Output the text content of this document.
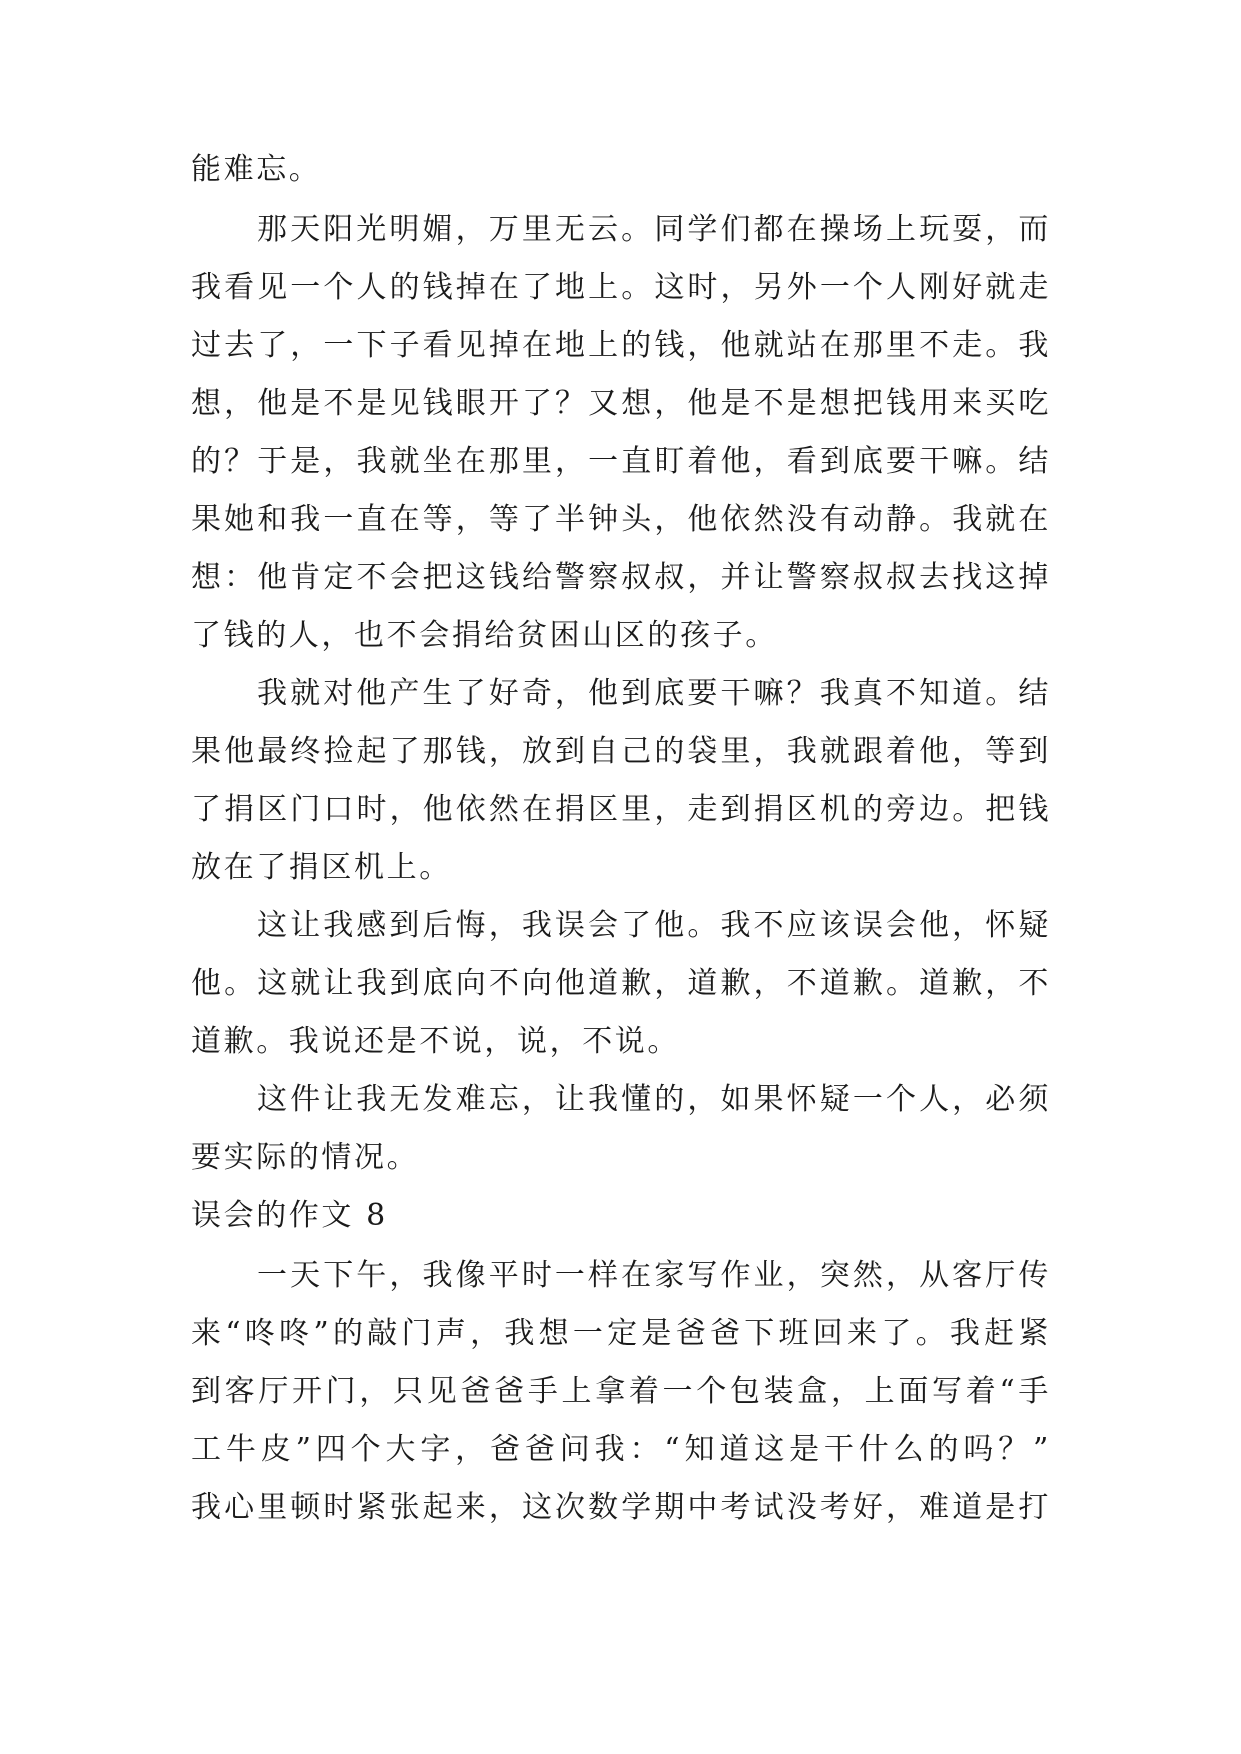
能难忘。
那天阳光明媚，万里无云。同学们都在操场上玩耍，而
我看见一个人的钱掉在了地上。这时，另外一个人刚好就走
过去了，一下子看见掉在地上的钱，他就站在那里不走。我
想，他是不是见钱眼开了？又想，他是不是想把钱用来买吃
的？于是，我就坐在那里，一直盯着他，看到底要干嘛。结
果她和我一直在等，等了半钟头，他依然没有动静。我就在
想：他肯定不会把这钱给警察叔叔，并让警察叔叔去找这掉
了钱的人，也不会捐给贫困山区的孩子。
我就对他产生了好奇，他到底要干嘛？我真不知道。结
果他最终捡起了那钱，放到自己的袋里，我就跟着他，等到
了捐区门口时，他依然在捐区里，走到捐区机的旁边。把钱
放在了捐区机上。
这让我感到后悔，我误会了他。我不应该误会他，怀疑
他。这就让我到底向不向他道歉，道歉，不道歉。道歉，不
道歉。我说还是不说，说，不说。
这件让我无发难忘，让我懂的，如果怀疑一个人，必须
要实际的情况。
误会的作文 8
一天下午，我像平时一样在家写作业，突然，从客厅传
来“咚咚”的敲门声，我想一定是爸爸下班回来了。我赶紧
到客厅开门，只见爸爸手上拿着一个包装盒，上面写着“手
工牛皮”四个大字，爸爸问我：“知道这是干什么的吗？”
我心里顿时紧张起来，这次数学期中考试没考好，难道是打
